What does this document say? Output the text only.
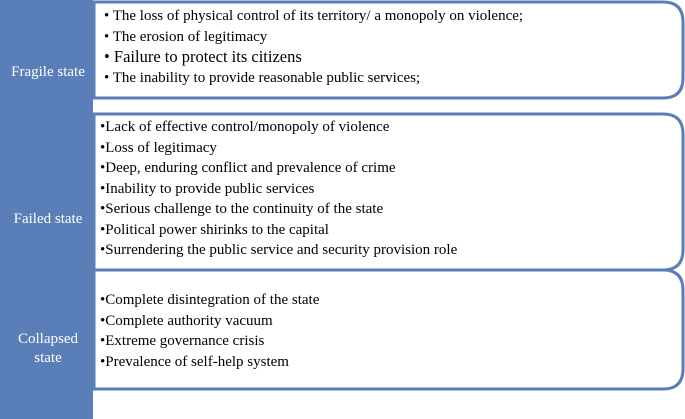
Fragile state
Failed state
Collapsed
state
• The loss of physical control of its territory/ a monopoly on violence;
• The erosion of legitimacy
• Failure to protect its citizens
• The inability to provide reasonable public services;
•Lack of effective control/monopoly of violence
•Loss of legitimacy
•Deep, enduring conflict and prevalence of crime
•Inability to provide public services
•Serious challenge to the continuity of the state
•Political power shirinks to the capital
•Surrendering the public service and security provision role
•Complete disintegration of the state
•Complete authority vacuum
•Extreme governance crisis
•Prevalence of self-help system
